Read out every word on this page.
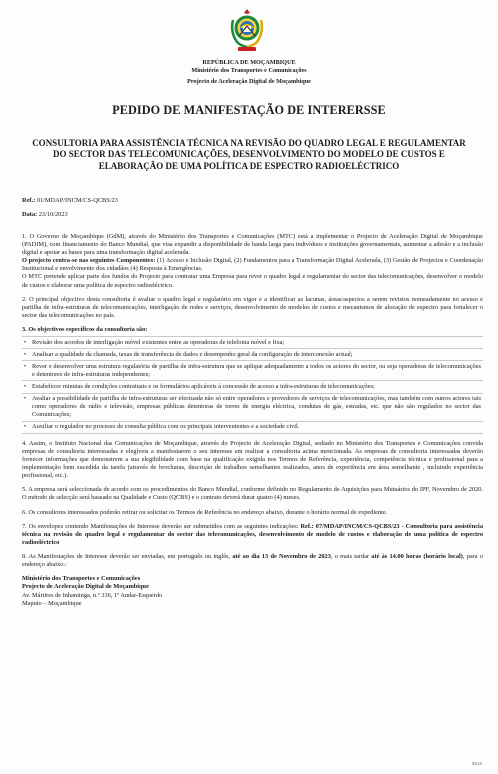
REPÚBLICA DE MOÇAMBIQUE
Ministério dos Transportes e Comunicações
Projecto de Aceleração Digital de Moçambique
PEDIDO DE MANIFESTAÇÃO DE INTERERSSE
CONSULTORIA PARA ASSISTÊNCIA TÉCNICA NA REVISÃO DO QUADRO LEGAL E REGULAMENTAR DO SECTOR DAS TELECOMUNICAÇÕES, DESENVOLVIMENTO DO MODELO DE CUSTOS E ELABORAÇÃO DE UMA POLÍTICA DE ESPECTRO RADIOELÉCTRICO
Ref.: 01/MDAP/INCM/CS-QCBS/23
Data: 23/10/2023

1. O Governo de Moçambique (GdM), através do Ministério dos Transportes e Comunicações (MTC) está a implementar o Projecto de Aceleração Digital de Moçambique (PADIM), com financiamento do Banco Mundial, que visa expandir a disponibilidade de banda larga para indivíduos e instituições governamentais, aumentar a adesão e a inclusão digital e apoiar as bases para uma transformação digital acelerada.
O projecto centra-se nas seguintes Componentes: (1) Acesso e Inclusão Digital, (2) Fundamentos para a Transformação Digital Acelerada, (3) Gestão de Projectos e Coordenação Institucional e envolvimento dos cidadãos (4) Resposta à Emergências.
O MTC pretende aplicar parte dos fundos do Projecto para contratar uma Empresa para rever o quadro legal e regulamentar do sector das telecomunicações, desenvolver o modelo de custos e elaborar uma política de espectro radioeléctrico.

2. O principal objectivo desta consultoria é avaliar o quadro legal e regulatório em vigor e a identificar as lacunas, áreas/aspectos a serem revistos nomeadamente no acesso e partilha de infra-estruturas de telecomunicações, interligação de redes e serviços, desenvolvimento de modelos de custos e mecanismos de alocação de espectro para fortalecer o sector das telecomunicações no país.

3. Os objectivos específicos da consultoria são:
• Revisão dos acordos de interligação móvel existentes entre as operadoras de telefonia móvel e fixa;
• Analisar a qualidade da chamada, taxas de transferência de dados e desempenho geral da configuração de interconexão actual;
• Rever e desenvolver uma estrutura regulatória de partilha de infra-estrutura que se aplique adequadamente a todos os actores do sector, ou seja operadoras de telecomunicações e detentores de infra-estruturas independentes;
• Estabelecer minutas de condições contratuais e os formulários aplicáveis à concessão de acesso a infra-estruturas de telecomunicações;
• Avaliar a possibilidade de partilha de infra-estruturas ser efectuada não só entre operadores e provedores de serviços de telecomunicações, mas também com outros actores tais como operadores de rádio e televisão, empresas públicas detentoras de torres de energia eléctrica, condutas de gás, estradas, etc. que não são regulados no sector das Comunicações;
• Auxiliar o regulador no processo de consulta pública com os principais intervenientes e a sociedade civil.

4. Assim, o Instituto Nacional das Comunicações de Moçambique, através do Projecto de Aceleração Digital, sediado no Ministério dos Transportes e Comunicações convida empresas de consultoria interessadas e elegíveis a manifestarem o seu interesse em realizar a consultoria acima mencionada. As empresas de consultoria interessadas deverão fornecer informações que demonstrem a sua elegibilidade com base na qualificação exigida nos Termos de Referência, experiência, competência técnica e profissional para a implementação bem sucedida da tarefa (através de brochuras, descrição de trabalhos semelhantes realizados, anos de experiência em área semelhante , incluindo experiência profissional, etc.).

5. A empresa será seleccionada de acordo com os procedimentos do Banco Mundial, conforme definido no Regulamento de Aquisições para Mutuários do IPF, Novembro de 2020. O método de selecção será baseado na Qualidade e Custo (QCBS) e o contrato deverá durar quatro (4) meses.

6. Os consultores interessados poderão retirar ou solicitar os Termos de Referência no endereço abaixo, durante o horário normal de expediente.

7. Os envelopes contendo Manifestações de Interesse deverão ser submetidos com as seguintes indicações: Ref.: 07/MDAP/INCM/CS-QCBS/23 - Consultoria para assistência técnica na revisão do quadro legal e regulamentar do sector das telecomunicações, desenvolvimento de modelo de custos e elaboração de uma política de espectro radioeléctrico

8. As Manifestações de Interesse deverão ser enviadas, em português ou inglês, até ao dia 13 de Novembro de 2023, o mais tardar até às 14.00 horas (horário local), para o endereço abaixo.:

Ministério dos Transportes e Comunicações
Projecto de Aceleração Digital de Moçambique
Av. Mártires de Inhaminga, n.º 336, 1º Andar-Esquerdo
Maputo – Moçambique

8516
